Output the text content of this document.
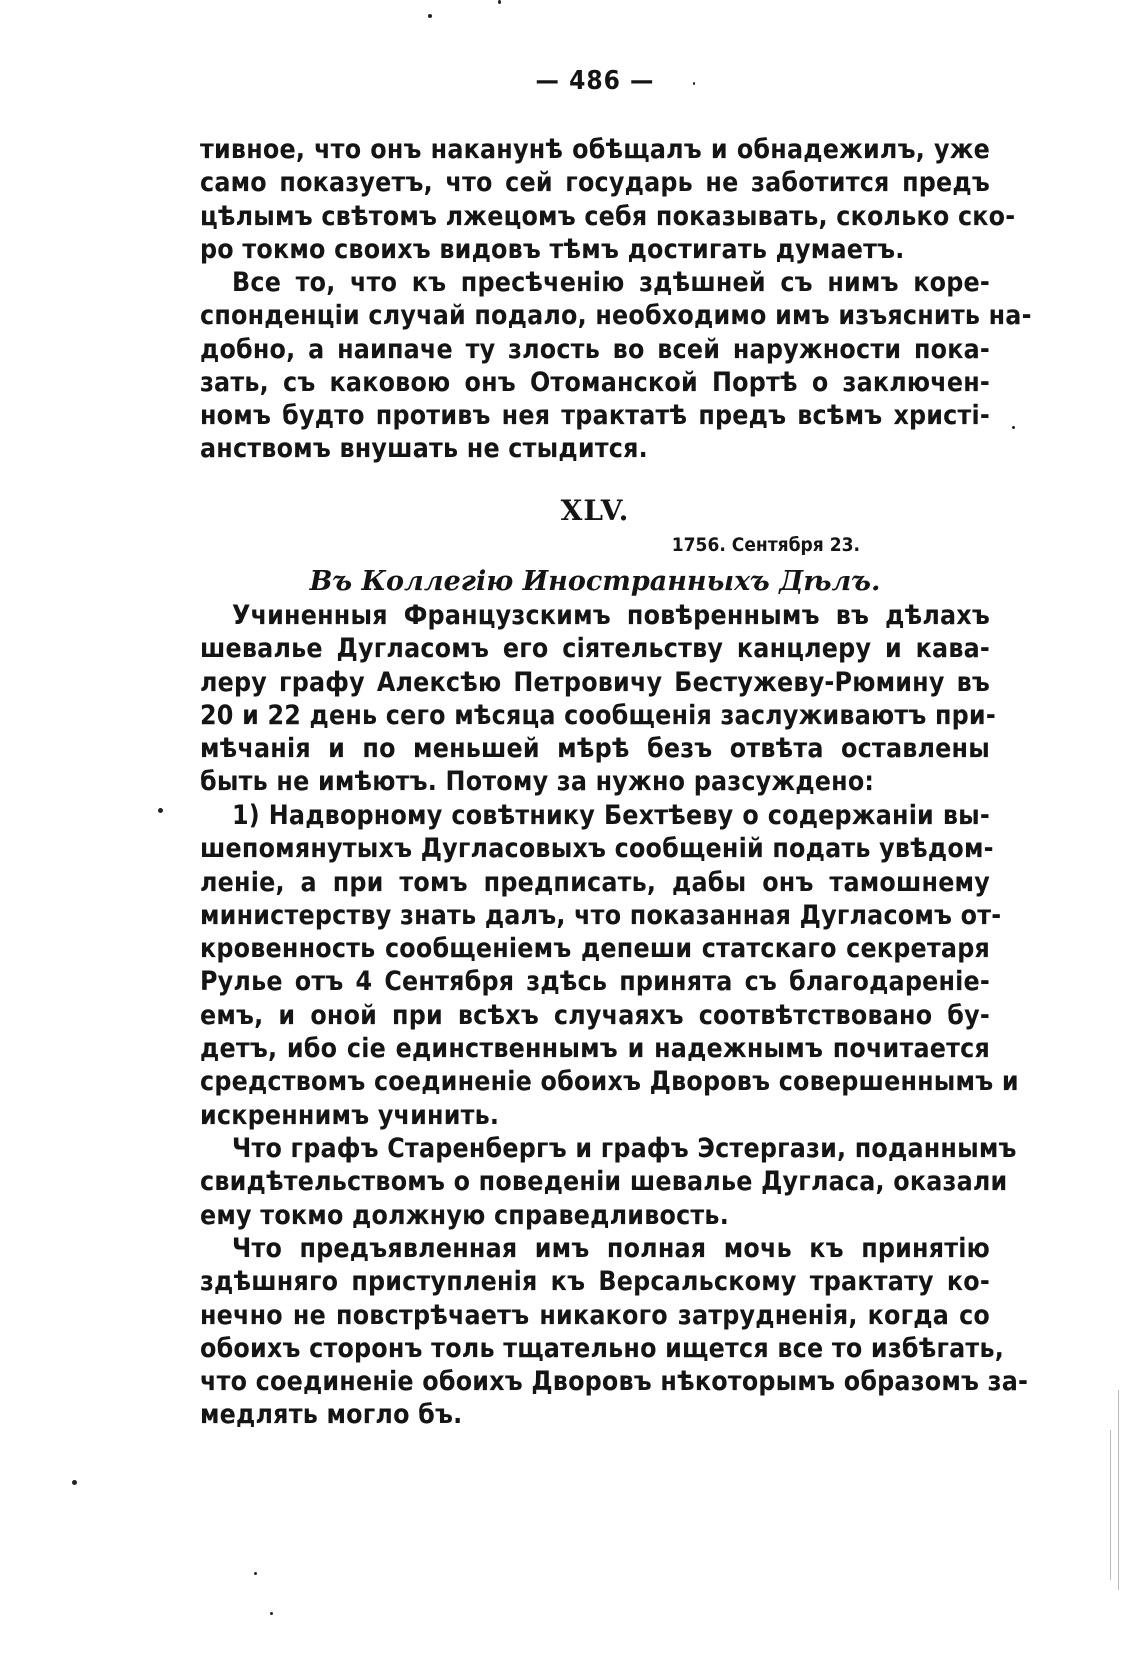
— 486 —
тивное, что онъ наканунѣ обѣщалъ и обнадежилъ, уже
само показуетъ, что сей государь не заботится предъ
цѣлымъ свѣтомъ лжецомъ себя показывать, сколько ско-
ро токмо своихъ видовъ тѣмъ достигать думаетъ.
Все то, что къ пресѣченію здѣшней съ нимъ коре-
спонденціи случай подало, необходимо имъ изъяснить на-
добно, а наипаче ту злость во всей наружности пока-
зать, съ каковою онъ Отоманской Портѣ о заключен-
номъ будто противъ нея трактатѣ предъ всѣмъ христі-
анствомъ внушать не стыдится.
XLV.
1756. Сентября 23.
Въ Коллегію Иностранныхъ Дѣлъ.
Учиненныя Французскимъ повѣреннымъ въ дѣлахъ
шевалье Дугласомъ его сіятельству канцлеру и кава-
леру графу Алексѣю Петровичу Бестужеву-Рюмину въ
20 и 22 день сего мѣсяца сообщенія заслуживаютъ при-
мѣчанія и по меньшей мѣрѣ безъ отвѣта оставлены
быть не имѣютъ. Потому за нужно разсуждено:
1) Надворному совѣтнику Бехтѣеву о содержаніи вы-
шепомянутыхъ Дугласовыхъ сообщеній подать увѣдом-
леніе, а при томъ предписать, дабы онъ тамошнему
министерству знать далъ, что показанная Дугласомъ от-
кровенность сообщеніемъ депеши статскаго секретаря
Рулье отъ 4 Сентября здѣсь принята съ благодареніе-
емъ, и оной при всѣхъ случаяхъ соотвѣтствовано бу-
детъ, ибо сіе единственнымъ и надежнымъ почитается
средствомъ соединеніе обоихъ Дворовъ совершеннымъ и
искреннимъ учинить.
Что графъ Старенбергъ и графъ Эстергази, поданнымъ
свидѣтельствомъ о поведеніи шевалье Дугласа, оказали
ему токмо должную справедливость.
Что предъявленная имъ полная мочь къ принятію
здѣшняго приступленія къ Версальскому трактату ко-
нечно не повстрѣчаетъ никакого затрудненія, когда со
обоихъ сторонъ толь тщательно ищется все то избѣгать,
что соединеніе обоихъ Дворовъ нѣкоторымъ образомъ за-
медлять могло бъ.
